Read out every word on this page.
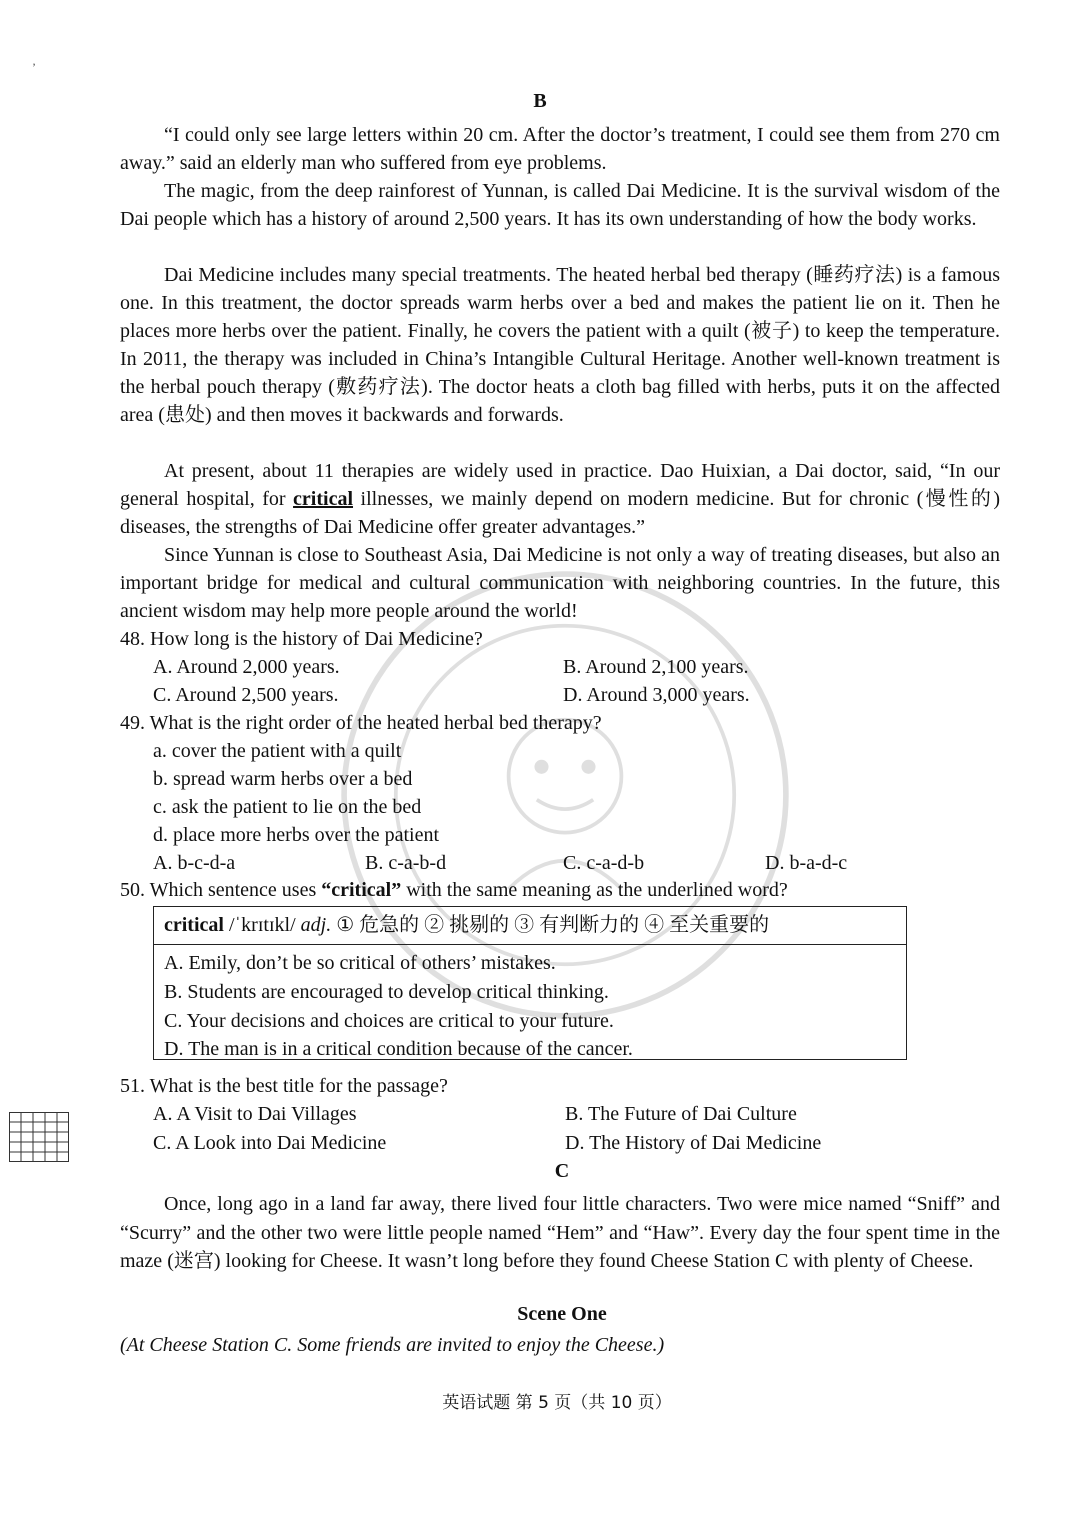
’
B

“I could only see large letters within 20 cm. After the doctor’s treatment, I could see them from 270 cm away.” said an elderly man who suffered from eye problems.

The magic, from the deep rainforest of Yunnan, is called Dai Medicine. It is the survival wisdom of the Dai people which has a history of around 2,500 years. It has its own understanding of how the body works.

Dai Medicine includes many special treatments. The heated herbal bed therapy (睡药疗法) is a famous one. In this treatment, the doctor spreads warm herbs over a bed and makes the patient lie on it. Then he places more herbs over the patient. Finally, he covers the patient with a quilt (被子) to keep the temperature. In 2011, the therapy was included in China’s Intangible Cultural Heritage. Another well-known treatment is the herbal pouch therapy (敷药疗法). The doctor heats a cloth bag filled with herbs, puts it on the affected area (患处) and then moves it backwards and forwards.

At present, about 11 therapies are widely used in practice. Dao Huixian, a Dai doctor, said, “In our general hospital, for critical illnesses, we mainly depend on modern medicine. But for chronic (慢性的) diseases, the strengths of Dai Medicine offer greater advantages.”

Since Yunnan is close to Southeast Asia, Dai Medicine is not only a way of treating diseases, but also an important bridge for medical and cultural communication with neighboring countries. In the future, this ancient wisdom may help more people around the world!

48. How long is the history of Dai Medicine?
A. Around 2,000 years.	B. Around 2,100 years.
C. Around 2,500 years.	D. Around 3,000 years.
49. What is the right order of the heated herbal bed therapy?
a. cover the patient with a quilt
b. spread warm herbs over a bed
c. ask the patient to lie on the bed
d. place more herbs over the patient
A. b-c-d-a	B. c-a-b-d	C. c-a-d-b	D. b-a-d-c
50. Which sentence uses “critical” with the same meaning as the underlined word?
critical /ˈkrɪtɪkl/ adj. ① 危急的 ② 挑剔的 ③ 有判断力的 ④ 至关重要的
A. Emily, don’t be so critical of others’ mistakes.
B. Students are encouraged to develop critical thinking.
C. Your decisions and choices are critical to your future.
D. The man is in a critical condition because of the cancer.
51. What is the best title for the passage?
A. A Visit to Dai Villages	B. The Future of Dai Culture
C. A Look into Dai Medicine	D. The History of Dai Medicine
C

Once, long ago in a land far away, there lived four little characters. Two were mice named “Sniff” and “Scurry” and the other two were little people named “Hem” and “Haw”. Every day the four spent time in the maze (迷宫) looking for Cheese. It wasn’t long before they found Cheese Station C with plenty of Cheese.

Scene One
(At Cheese Station C. Some friends are invited to enjoy the Cheese.)
英语试题 第 5 页（共 10 页）
